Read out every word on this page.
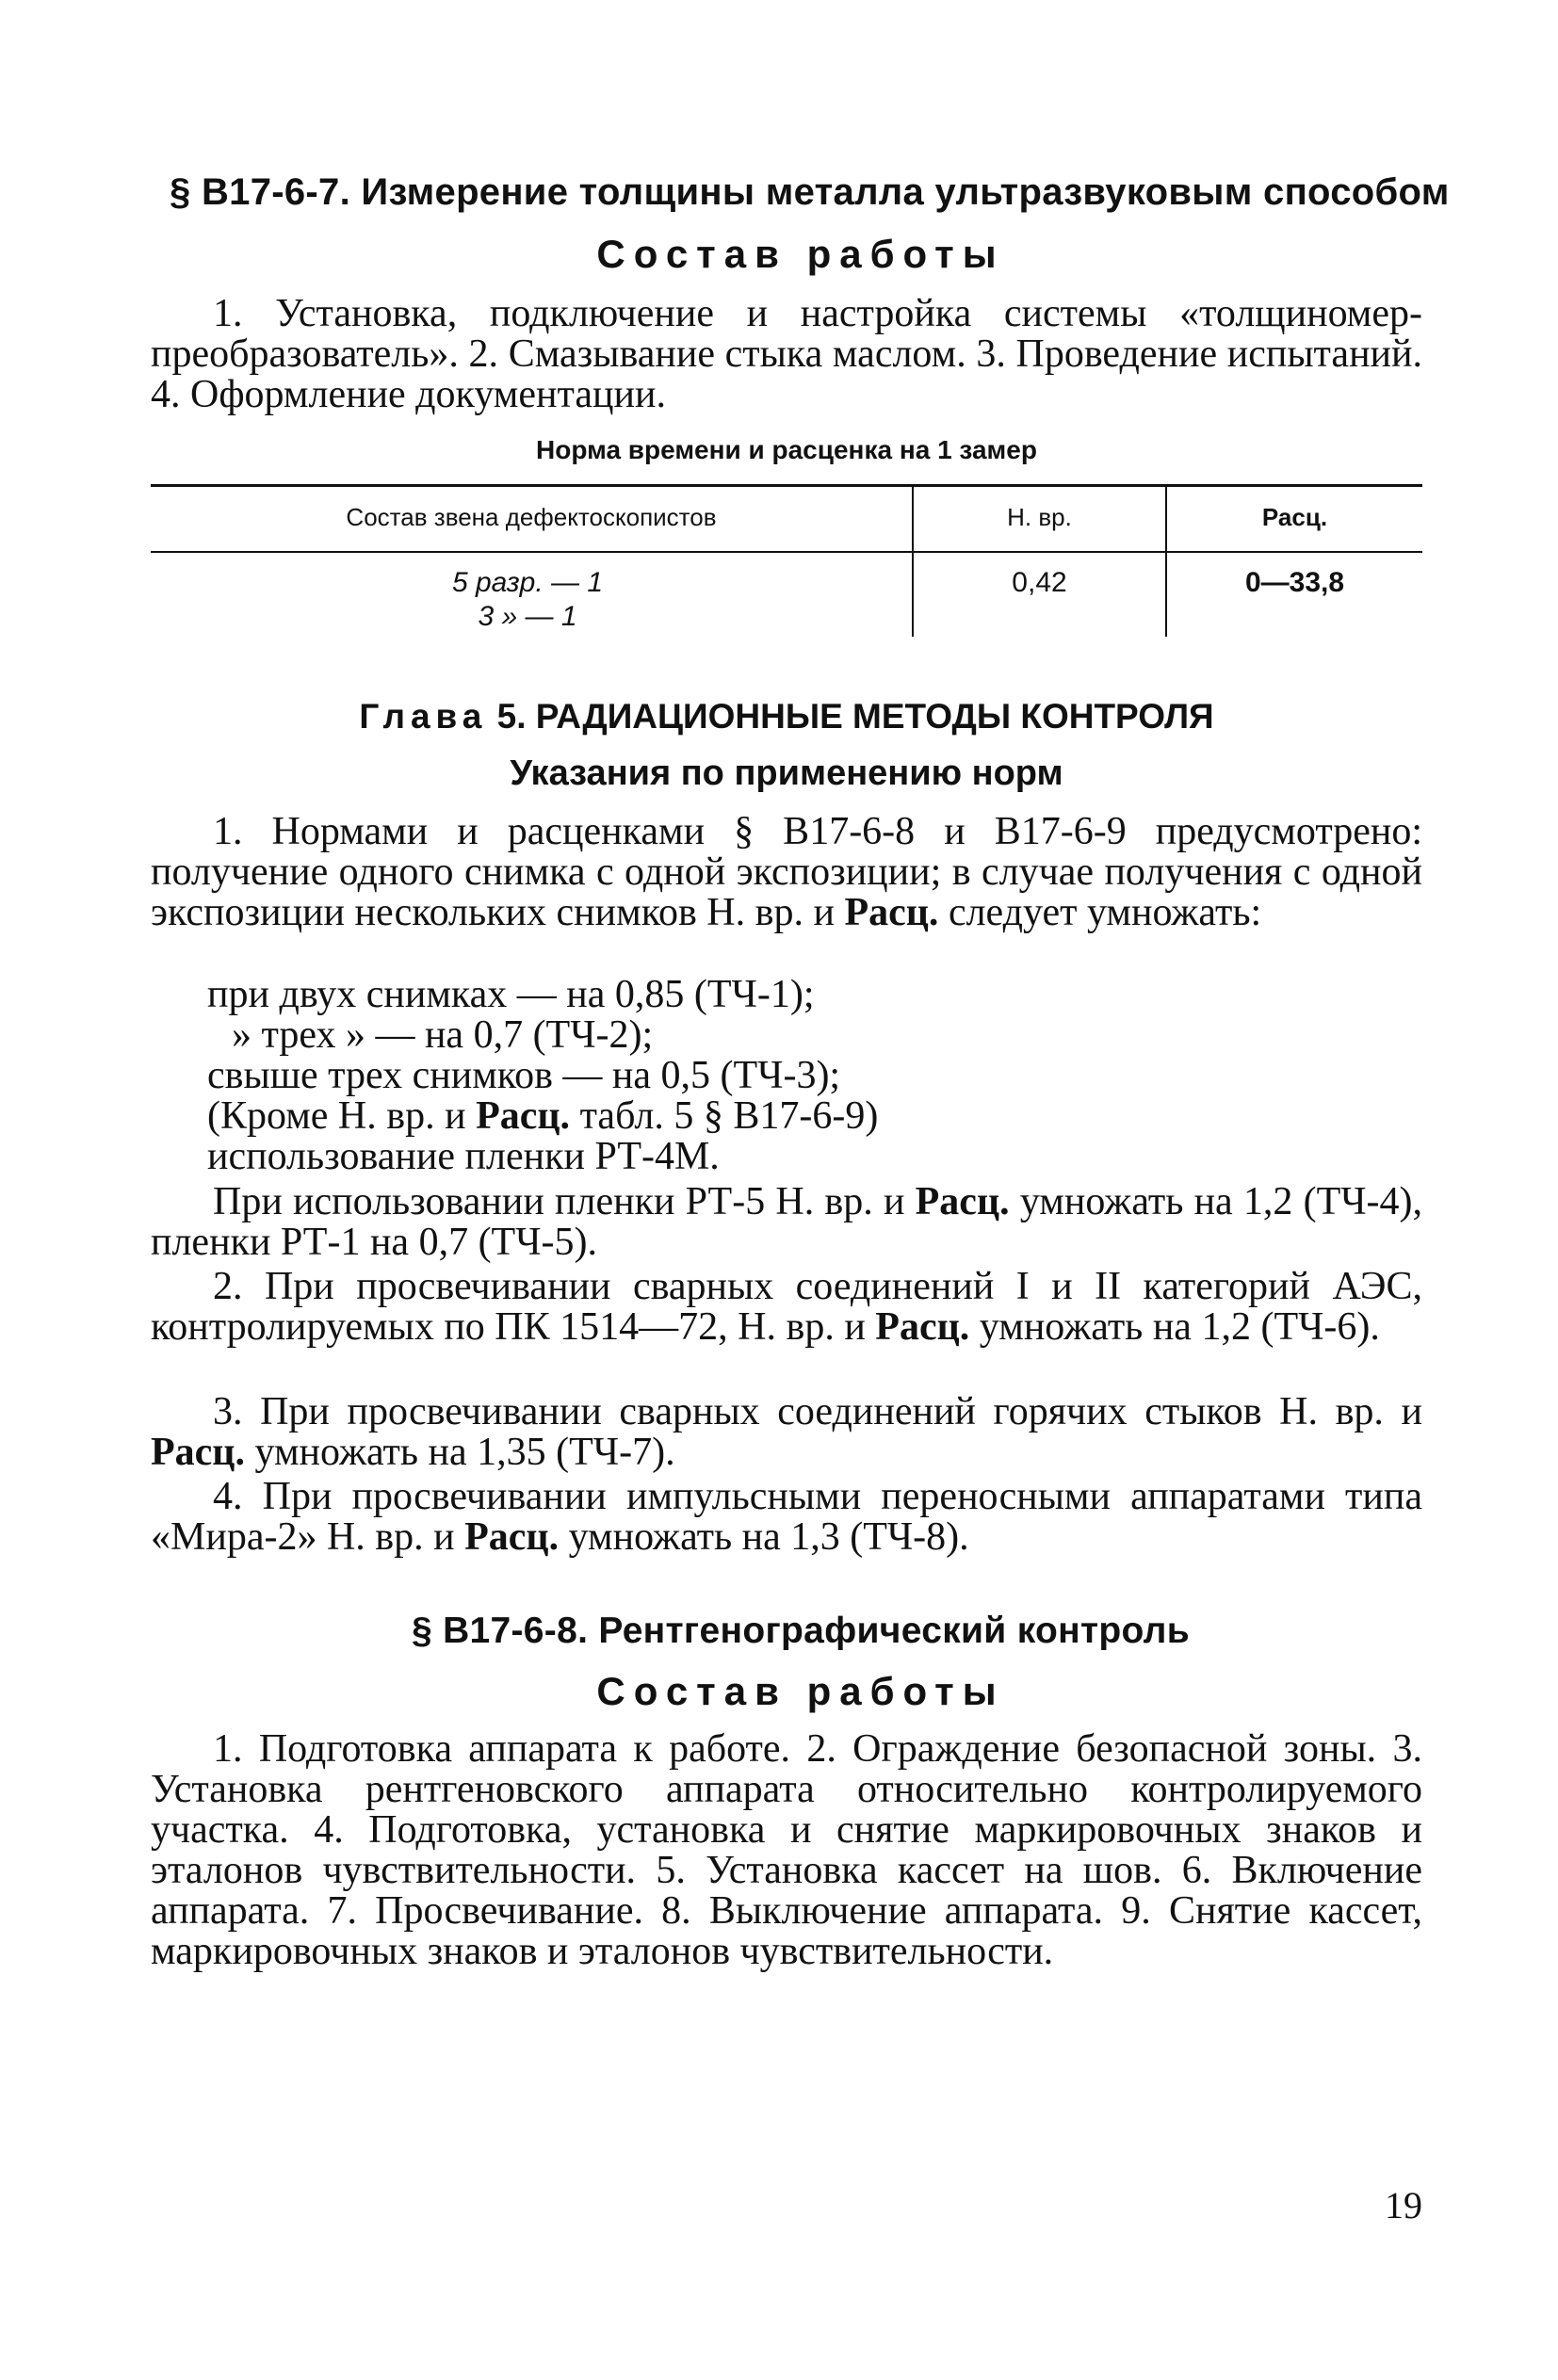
§ В17-6-7. Измерение толщины металла ультразвуковым способом
Состав работы
1. Установка, подключение и настройка системы «толщиномер-преобразователь». 2. Смазывание стыка маслом. 3. Проведение испытаний. 4. Оформление документации.
Норма времени и расценка на 1 замер
Состав звена дефектоскопистов	Н. вр.	Расц.
5 разр. — 1
3 » — 1
0,42	0—33,8
Глава 5. РАДИАЦИОННЫЕ МЕТОДЫ КОНТРОЛЯ
Указания по применению норм
1. Нормами и расценками § В17-6-8 и В17-6-9 предусмотрено: получение одного снимка с одной экспозиции; в случае получения с одной экспозиции нескольких снимков Н. вр. и Расц. следует умножать:
при двух снимках — на 0,85 (ТЧ-1);
» трех » — на 0,7 (ТЧ-2);
свыше трех снимков — на 0,5 (ТЧ-3);
(Кроме Н. вр. и Расц. табл. 5 § В17-6-9)
использование пленки РТ-4М.
При использовании пленки РТ-5 Н. вр. и Расц. умножать на 1,2 (ТЧ-4), пленки РТ-1 на 0,7 (ТЧ-5).
2. При просвечивании сварных соединений I и II категорий АЭС, контролируемых по ПК 1514—72, Н. вр. и Расц. умножать на 1,2 (ТЧ-6).
3. При просвечивании сварных соединений горячих стыков Н. вр. и Расц. умножать на 1,35 (ТЧ-7).
4. При просвечивании импульсными переносными аппаратами типа «Мира-2» Н. вр. и Расц. умножать на 1,3 (ТЧ-8).
§ В17-6-8. Рентгенографический контроль
Состав работы
1. Подготовка аппарата к работе. 2. Ограждение безопасной зоны. 3. Установка рентгеновского аппарата относительно контролируемого участка. 4. Подготовка, установка и снятие маркировочных знаков и эталонов чувствительности. 5. Установка кассет на шов. 6. Включение аппарата. 7. Просвечивание. 8. Выключение аппарата. 9. Снятие кассет, маркировочных знаков и эталонов чувствительности.
19
